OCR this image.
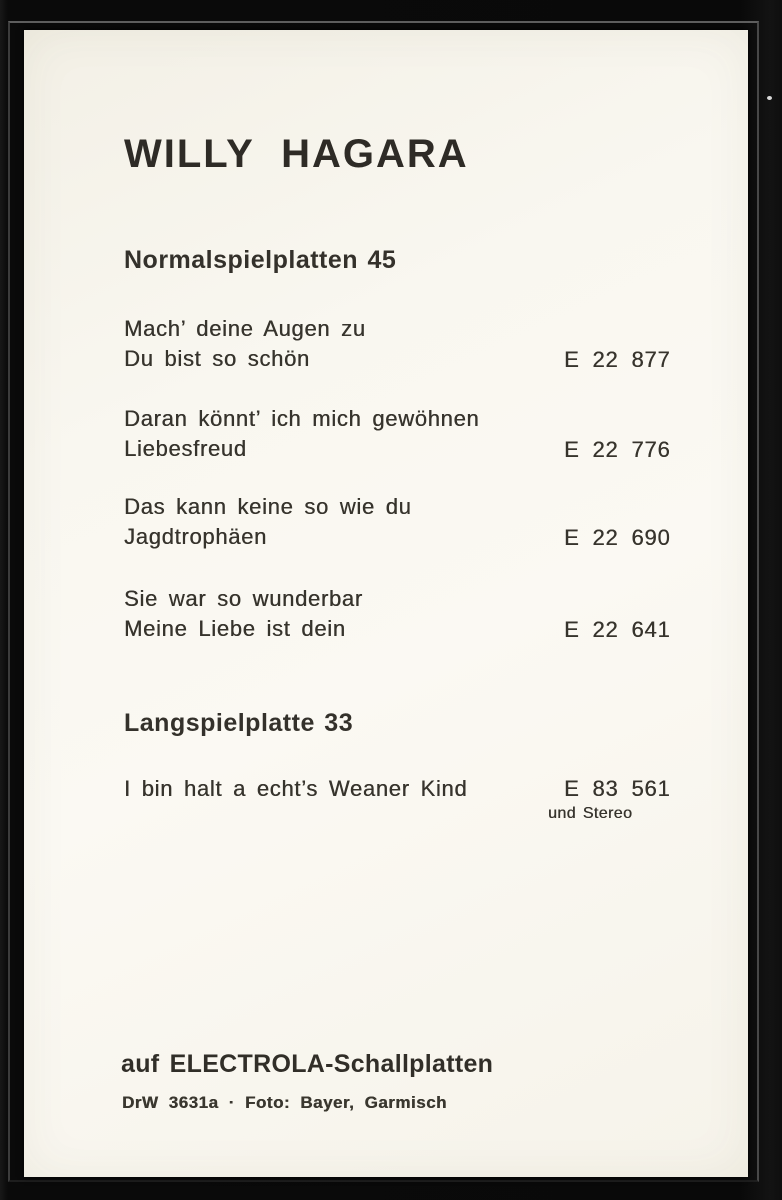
WILLY HAGARA
Normalspielplatten 45
Mach’ deine Augen zu
Du bist so schön	E 22 877
Daran könnt’ ich mich gewöhnen
Liebesfreud	E 22 776
Das kann keine so wie du
Jagdtrophäen	E 22 690
Sie war so wunderbar
Meine Liebe ist dein	E 22 641
Langspielplatte 33
I bin halt a echt’s Weaner Kind	E 83 561
und Stereo
auf ELECTROLA-Schallplatten
DrW 3631a · Foto: Bayer, Garmisch
